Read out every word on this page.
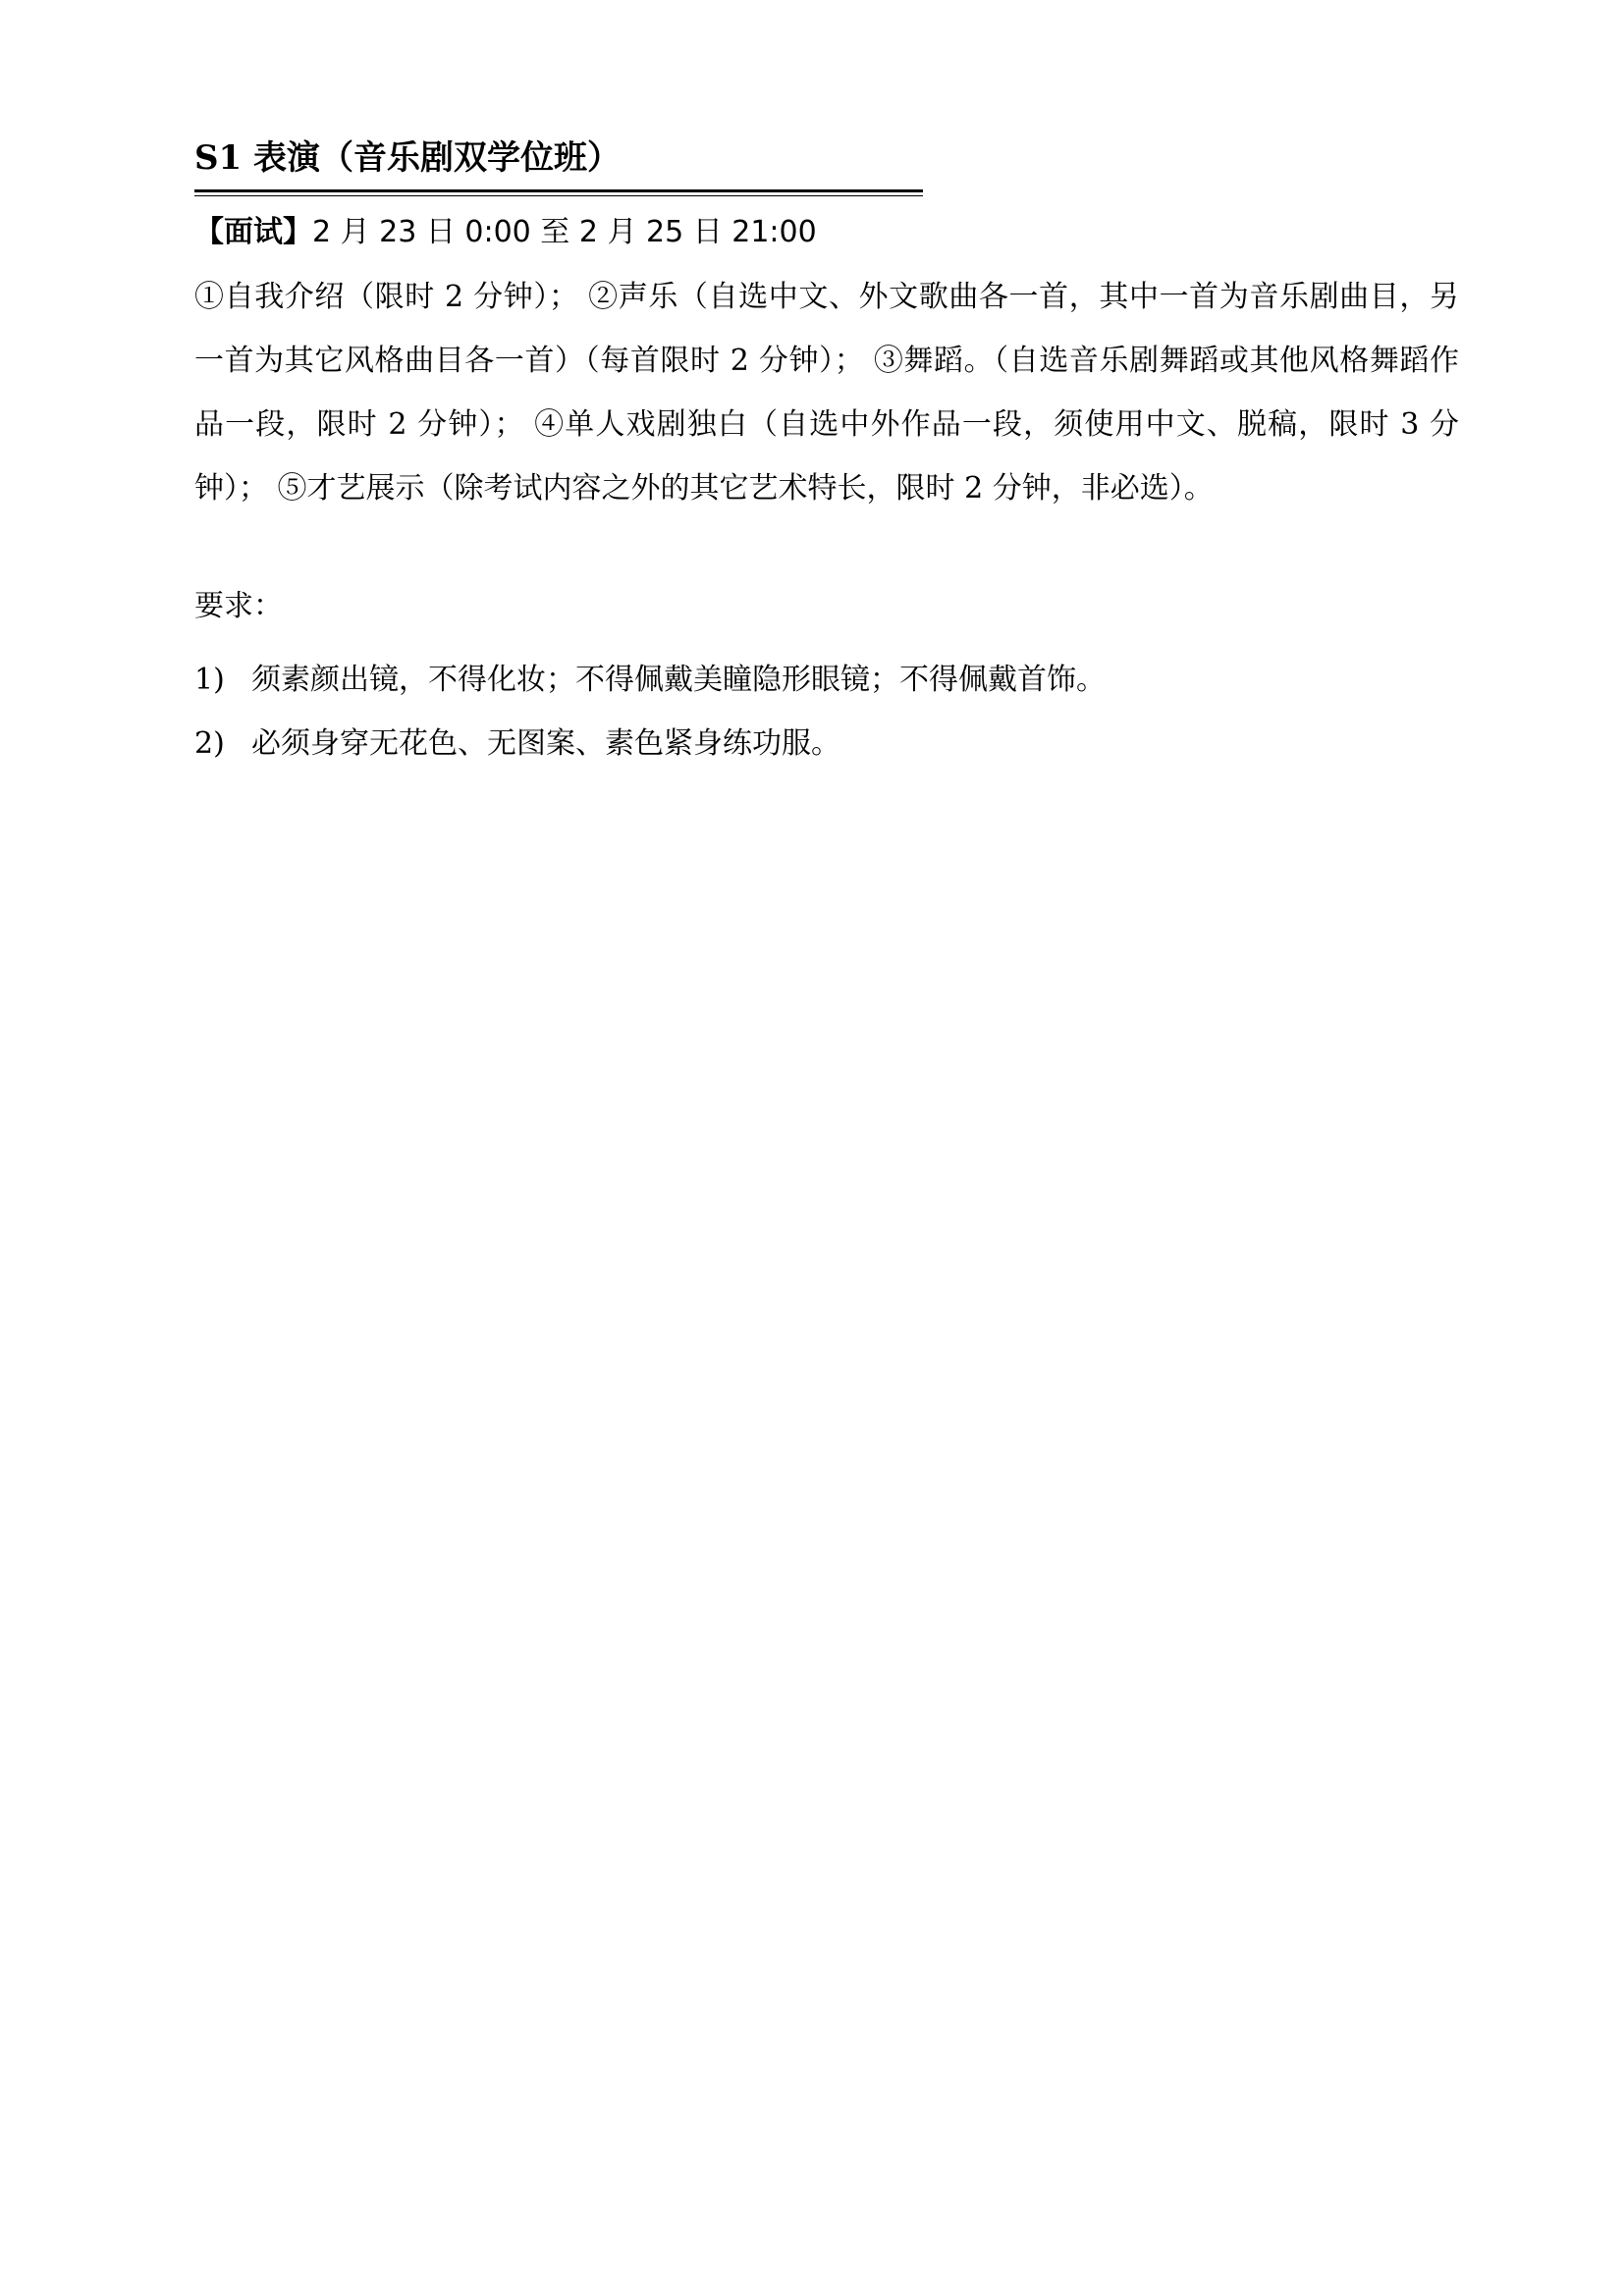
S1 表演（音乐剧双学位班）
【面试】2 月 23 日 0:00 至 2 月 25 日 21:00
①自我介绍（限时 2 分钟）； ②声乐（自选中文、外文歌曲各一首，其中一首为音乐剧曲目，另一首为其它风格曲目各一首）（每首限时 2 分钟）； ③舞蹈。（自选音乐剧舞蹈或其他风格舞蹈作品一段，限时 2 分钟）； ④单人戏剧独白（自选中外作品一段，须使用中文、脱稿，限时 3 分钟）； ⑤才艺展示（除考试内容之外的其它艺术特长，限时 2 分钟，非必选）。
要求：
1) 须素颜出镜，不得化妆；不得佩戴美瞳隐形眼镜；不得佩戴首饰。
2) 必须身穿无花色、无图案、素色紧身练功服。
